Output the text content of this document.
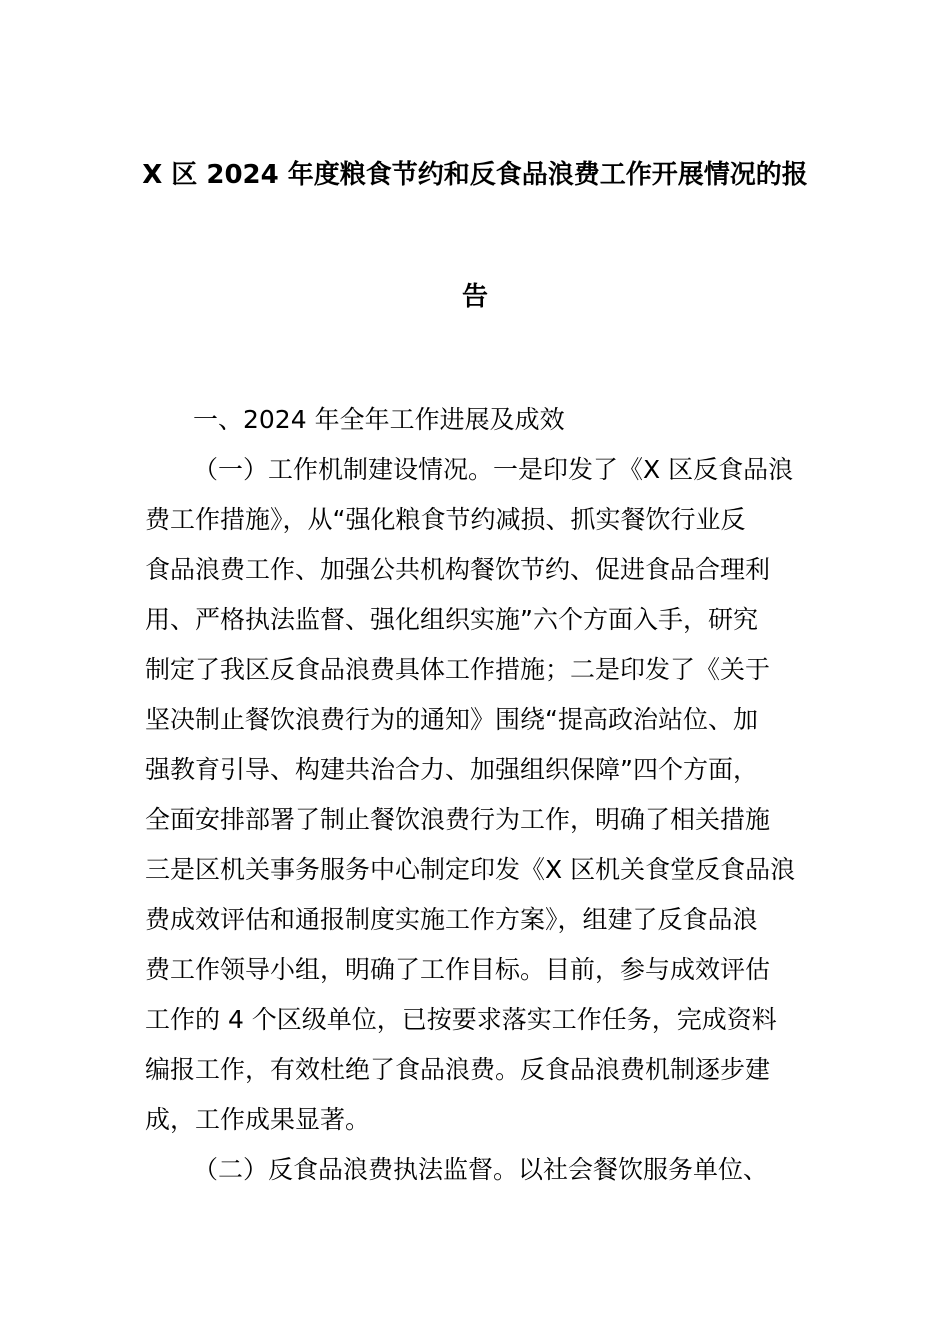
X 区 2024 年度粮食节约和反食品浪费工作开展情况的报
告
一、2024 年全年工作进展及成效
（一）工作机制建设情况。一是印发了《X 区反食品浪
费工作措施》，从“强化粮食节约减损、抓实餐饮行业反
食品浪费工作、加强公共机构餐饮节约、促进食品合理利
用、严格执法监督、强化组织实施”六个方面入手，研究
制定了我区反食品浪费具体工作措施；二是印发了《关于
坚决制止餐饮浪费行为的通知》围绕“提高政治站位、加
强教育引导、构建共治合力、加强组织保障”四个方面，
全面安排部署了制止餐饮浪费行为工作，明确了相关措施
三是区机关事务服务中心制定印发《X 区机关食堂反食品浪
费成效评估和通报制度实施工作方案》，组建了反食品浪
费工作领导小组，明确了工作目标。目前，参与成效评估
工作的 4 个区级单位，已按要求落实工作任务，完成资料
编报工作，有效杜绝了食品浪费。反食品浪费机制逐步建
成，工作成果显著。
（二）反食品浪费执法监督。以社会餐饮服务单位、
